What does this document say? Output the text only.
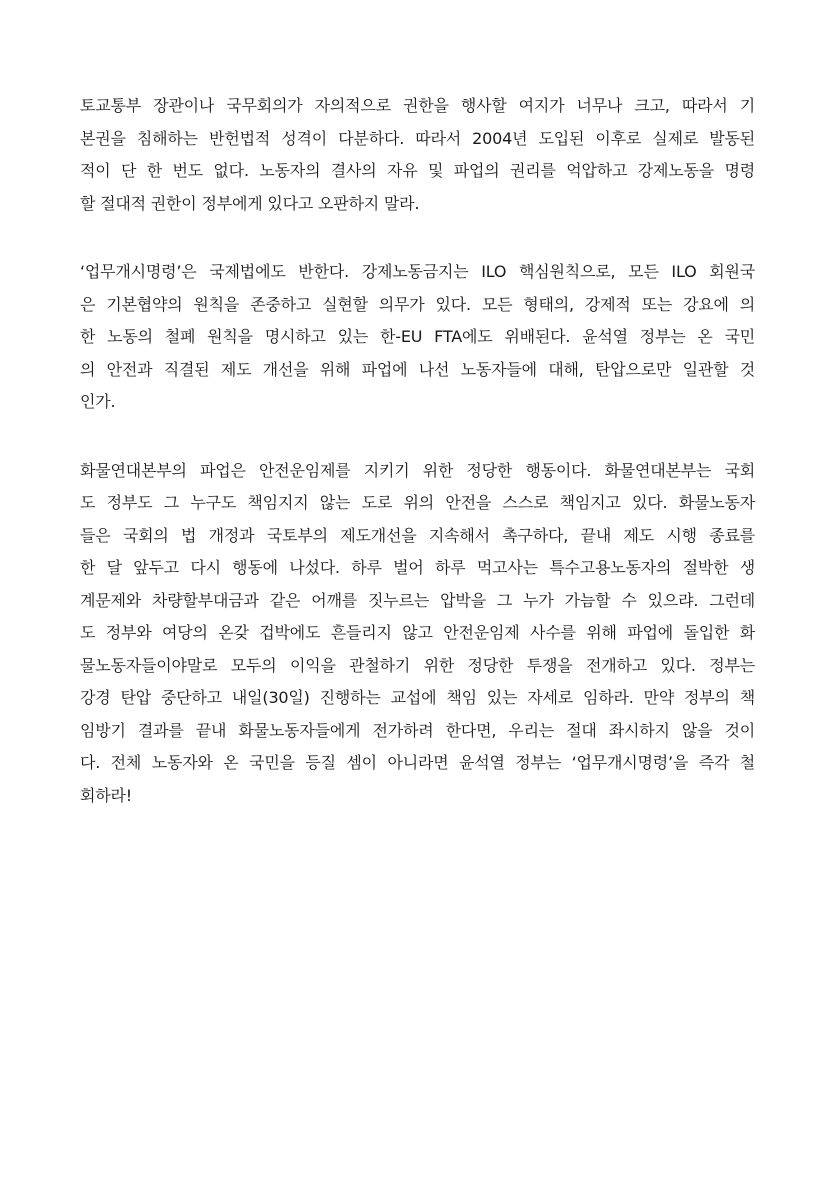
토교통부 장관이나 국무회의가 자의적으로 권한을 행사할 여지가 너무나 크고, 따라서 기
본권을 침해하는 반헌법적 성격이 다분하다. 따라서 2004년 도입된 이후로 실제로 발동된
적이 단 한 번도 없다. 노동자의 결사의 자유 및 파업의 권리를 억압하고 강제노동을 명령
할 절대적 권한이 정부에게 있다고 오판하지 말라.

‘업무개시명령’은 국제법에도 반한다. 강제노동금지는 ILO 핵심원칙으로, 모든 ILO 회원국
은 기본협약의 원칙을 존중하고 실현할 의무가 있다. 모든 형태의, 강제적 또는 강요에 의
한 노동의 철폐 원칙을 명시하고 있는 한-EU FTA에도 위배된다. 윤석열 정부는 온 국민
의 안전과 직결된 제도 개선을 위해 파업에 나선 노동자들에 대해, 탄압으로만 일관할 것
인가.

화물연대본부의 파업은 안전운임제를 지키기 위한 정당한 행동이다. 화물연대본부는 국회
도 정부도 그 누구도 책임지지 않는 도로 위의 안전을 스스로 책임지고 있다. 화물노동자
들은 국회의 법 개정과 국토부의 제도개선을 지속해서 촉구하다, 끝내 제도 시행 종료를
한 달 앞두고 다시 행동에 나섰다. 하루 벌어 하루 먹고사는 특수고용노동자의 절박한 생
계문제와 차량할부대금과 같은 어깨를 짓누르는 압박을 그 누가 가늠할 수 있으랴. 그런데
도 정부와 여당의 온갖 겁박에도 흔들리지 않고 안전운임제 사수를 위해 파업에 돌입한 화
물노동자들이야말로 모두의 이익을 관철하기 위한 정당한 투쟁을 전개하고 있다. 정부는
강경 탄압 중단하고 내일(30일) 진행하는 교섭에 책임 있는 자세로 임하라. 만약 정부의 책
임방기 결과를 끝내 화물노동자들에게 전가하려 한다면, 우리는 절대 좌시하지 않을 것이
다. 전체 노동자와 온 국민을 등질 셈이 아니라면 윤석열 정부는 ‘업무개시명령’을 즉각 철
회하라!
